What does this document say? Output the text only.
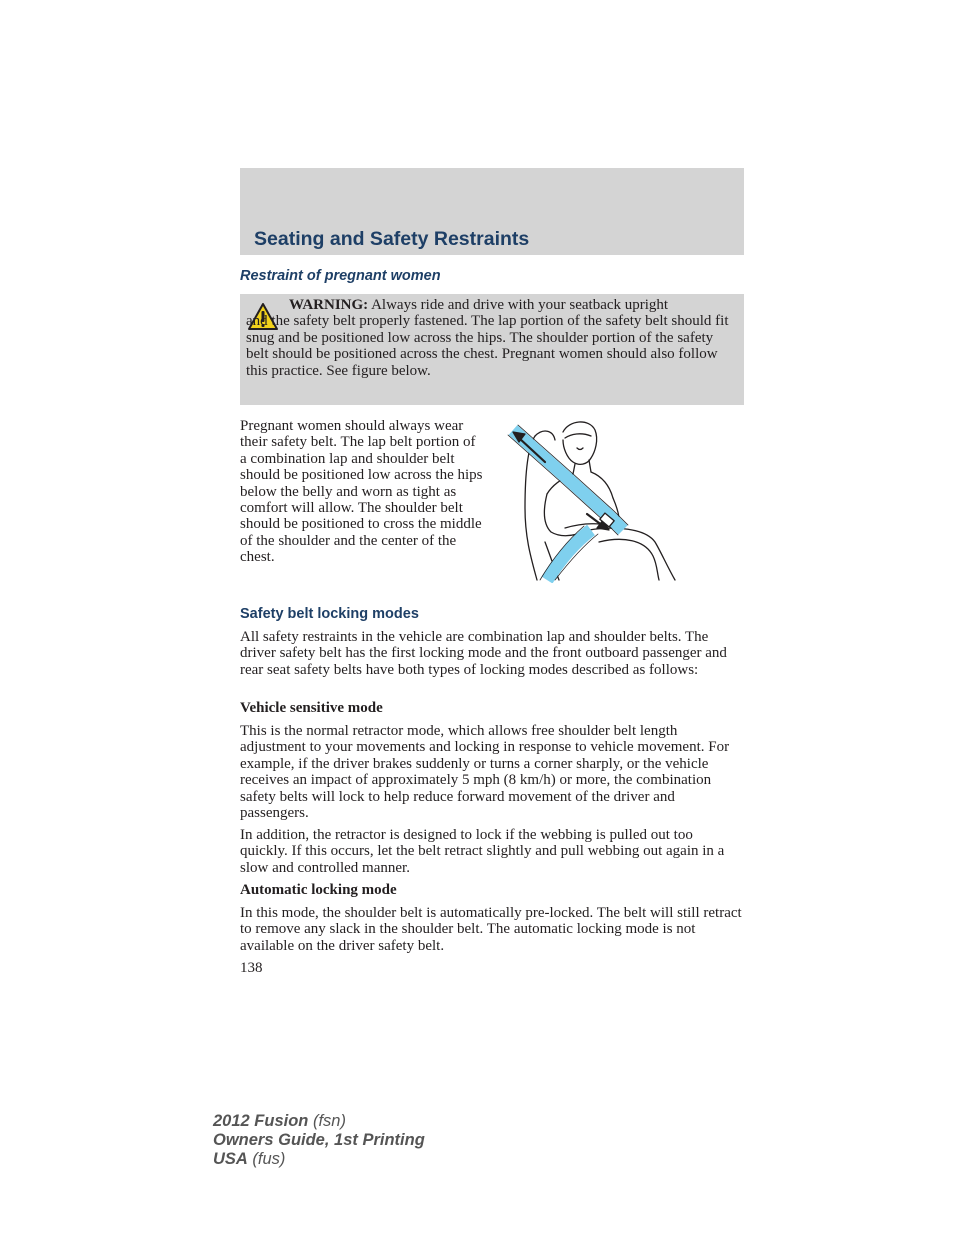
Seating and Safety Restraints
Restraint of pregnant women

WARNING: Always ride and drive with your seatback upright
and the safety belt properly fastened. The lap portion of the safety belt should fit snug and be positioned low across the hips. The shoulder portion of the safety belt should be positioned across the chest. Pregnant women should also follow this practice. See figure below.

Pregnant women should always wear their safety belt. The lap belt portion of a combination lap and shoulder belt should be positioned low across the hips below the belly and worn as tight as comfort will allow. The shoulder belt should be positioned to cross the middle of the shoulder and the center of the chest.

Safety belt locking modes

All safety restraints in the vehicle are combination lap and shoulder belts. The driver safety belt has the first locking mode and the front outboard passenger and rear seat safety belts have both types of locking modes described as follows:

Vehicle sensitive mode

This is the normal retractor mode, which allows free shoulder belt length adjustment to your movements and locking in response to vehicle movement. For example, if the driver brakes suddenly or turns a corner sharply, or the vehicle receives an impact of approximately 5 mph (8 km/h) or more, the combination safety belts will lock to help reduce forward movement of the driver and passengers.

In addition, the retractor is designed to lock if the webbing is pulled out too quickly. If this occurs, let the belt retract slightly and pull webbing out again in a slow and controlled manner.

Automatic locking mode

In this mode, the shoulder belt is automatically pre-locked. The belt will still retract to remove any slack in the shoulder belt. The automatic locking mode is not available on the driver safety belt.

138

2012 Fusion (fsn)
Owners Guide, 1st Printing
USA (fus)
